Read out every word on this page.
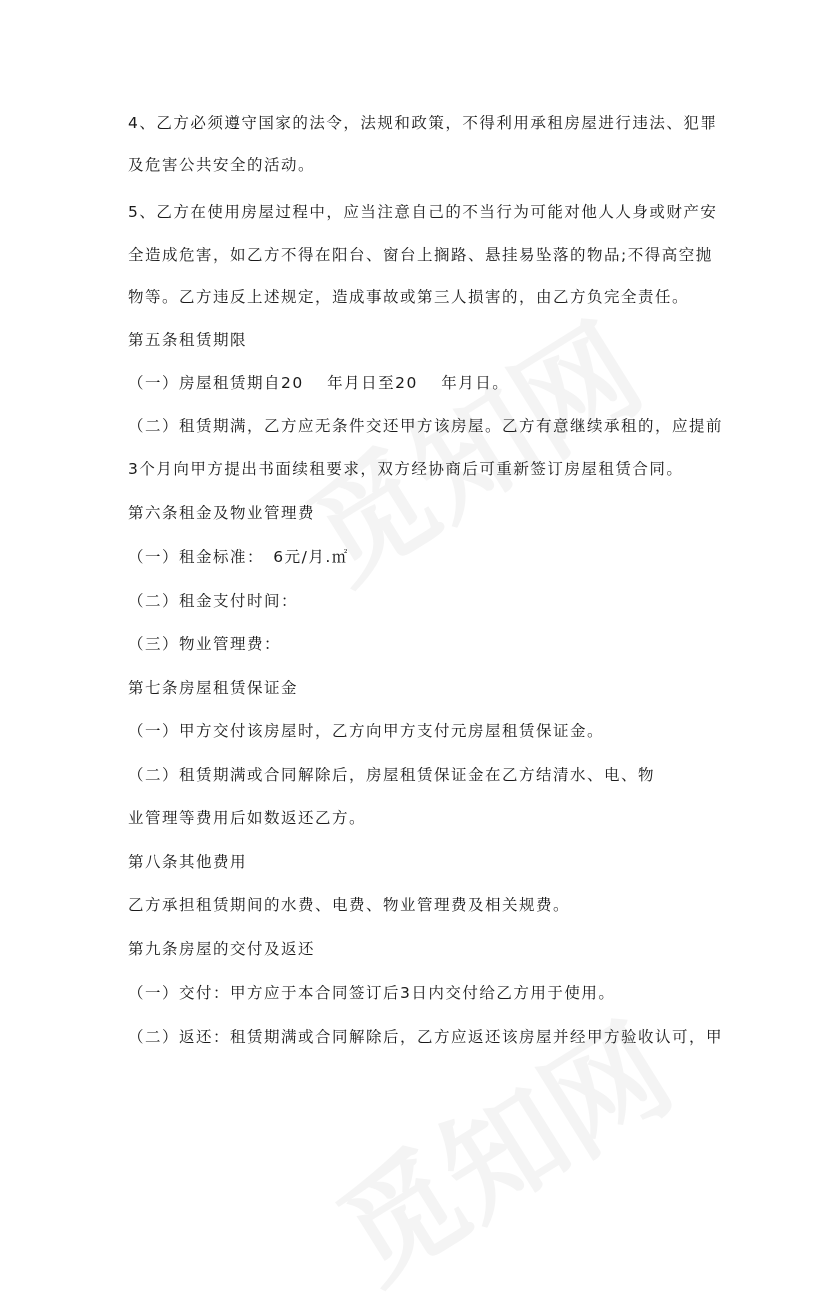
4、乙方必须遵守国家的法令，法规和政策，不得利用承租房屋进行违法、犯罪
及危害公共安全的活动。
5、乙方在使用房屋过程中，应当注意自己的不当行为可能对他人人身或财产安
全造成危害，如乙方不得在阳台、窗台上搁路、悬挂易坠落的物品;不得高空抛
物等。乙方违反上述规定，造成事故或第三人损害的，由乙方负完全责任。
第五条租赁期限
（一）房屋租赁期自20　 年月日至20　 年月日。
（二）租赁期满，乙方应无条件交还甲方该房屋。乙方有意继续承租的，应提前
3个月向甲方提出书面续租要求，双方经协商后可重新签订房屋租赁合同。
第六条租金及物业管理费
（一）租金标准：　6元/月.㎡
（二）租金支付时间：
（三）物业管理费：
第七条房屋租赁保证金
（一）甲方交付该房屋时，乙方向甲方支付元房屋租赁保证金。
（二）租赁期满或合同解除后，房屋租赁保证金在乙方结清水、电、物
业管理等费用后如数返还乙方。
第八条其他费用
乙方承担租赁期间的水费、电费、物业管理费及相关规费。
第九条房屋的交付及返还
（一）交付：甲方应于本合同签订后3日内交付给乙方用于使用。
（二）返还：租赁期满或合同解除后，乙方应返还该房屋并经甲方验收认可，甲
